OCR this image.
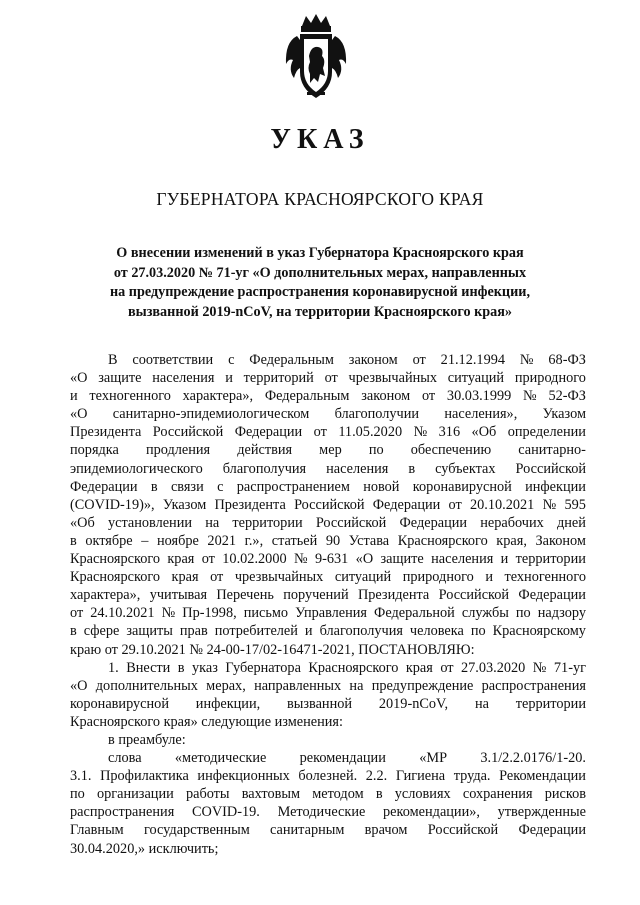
УКАЗ
ГУБЕРНАТОРА КРАСНОЯРСКОГО КРАЯ
О внесении изменений в указ Губернатора Красноярского края
от 27.03.2020 № 71-уг «О дополнительных мерах, направленных
на предупреждение распространения коронавирусной инфекции,
вызванной 2019-nCoV, на территории Красноярского края»
В соответствии с Федеральным законом от 21.12.1994 № 68-ФЗ
«О защите населения и территорий от чрезвычайных ситуаций природного
и техногенного характера», Федеральным законом от 30.03.1999 № 52-ФЗ
«О санитарно-эпидемиологическом благополучии населения», Указом
Президента Российской Федерации от 11.05.2020 № 316 «Об определении
порядка продления действия мер по обеспечению санитарно-
эпидемиологического благополучия населения в субъектах Российской
Федерации в связи с распространением новой коронавирусной инфекции
(COVID-19)», Указом Президента Российской Федерации от 20.10.2021 № 595
«Об установлении на территории Российской Федерации нерабочих дней
в октябре – ноябре 2021 г.», статьей 90 Устава Красноярского края, Законом
Красноярского края от 10.02.2000 № 9-631 «О защите населения и территории
Красноярского края от чрезвычайных ситуаций природного и техногенного
характера», учитывая Перечень поручений Президента Российской Федерации
от 24.10.2021 № Пр-1998, письмо Управления Федеральной службы по надзору
в сфере защиты прав потребителей и благополучия человека по Красноярскому
краю от 29.10.2021 № 24-00-17/02-16471-2021, ПОСТАНОВЛЯЮ:
1. Внести в указ Губернатора Красноярского края от 27.03.2020 № 71-уг
«О дополнительных мерах, направленных на предупреждение распространения
коронавирусной инфекции, вызванной 2019-nCoV, на территории
Красноярского края» следующие изменения:
в преамбуле:
слова «методические рекомендации «МР 3.1/2.2.0176/1-20.
3.1. Профилактика инфекционных болезней. 2.2. Гигиена труда. Рекомендации
по организации работы вахтовым методом в условиях сохранения рисков
распространения COVID-19. Методические рекомендации», утвержденные
Главным государственным санитарным врачом Российской Федерации
30.04.2020,» исключить;
